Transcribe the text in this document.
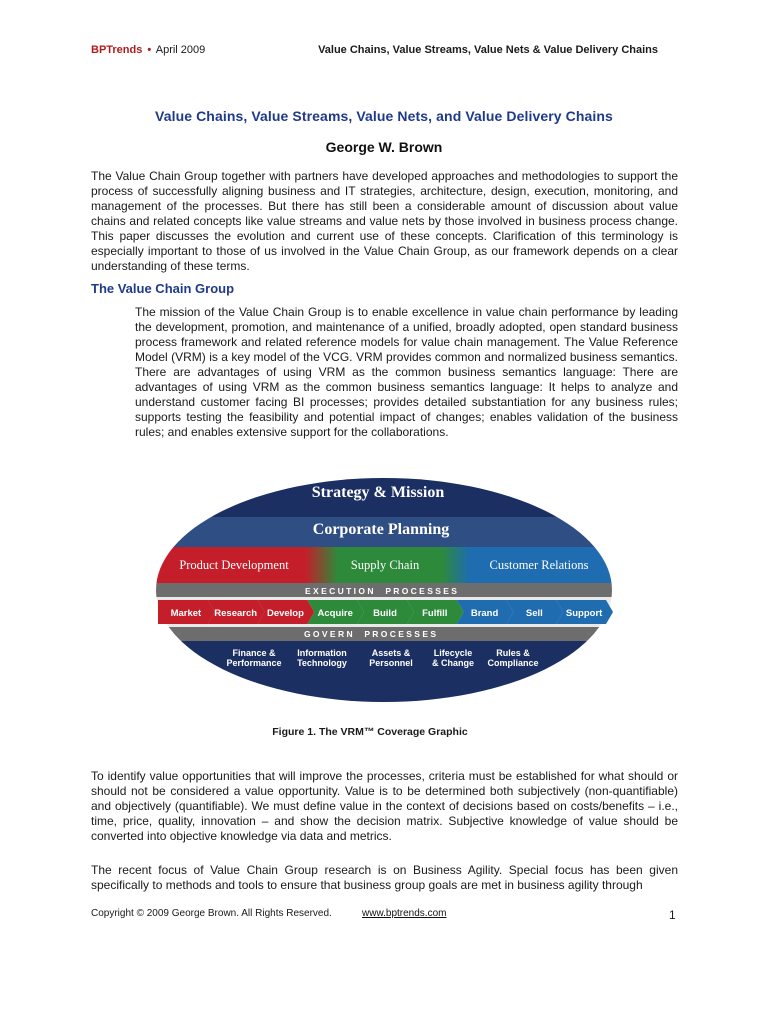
BPTrends • April 2009	Value Chains, Value Streams, Value Nets & Value Delivery Chains
Value Chains, Value Streams, Value Nets, and Value Delivery Chains
George W. Brown
The Value Chain Group together with partners have developed approaches and methodologies to support the process of successfully aligning business and IT strategies, architecture, design, execution, monitoring, and management of the processes. But there has still been a considerable amount of discussion about value chains and related concepts like value streams and value nets by those involved in business process change. This paper discusses the evolution and current use of these concepts. Clarification of this terminology is especially important to those of us involved in the Value Chain Group, as our framework depends on a clear understanding of these terms.
The Value Chain Group
The mission of the Value Chain Group is to enable excellence in value chain performance by leading the development, promotion, and maintenance of a unified, broadly adopted, open standard business process framework and related reference models for value chain management. The Value Reference Model (VRM) is a key model of the VCG. VRM provides common and normalized business semantics. There are advantages of using VRM as the common business semantics language: There are advantages of using VRM as the common business semantics language: It helps to analyze and understand customer facing BI processes; provides detailed substantiation for any business rules; supports testing the feasibility and potential impact of changes; enables validation of the business rules; and enables extensive support for the collaborations.
Strategy & Mission
Corporate Planning
Product Development	Supply Chain	Customer Relations
E X E C U T I O N     P R O C E S S E S
Market Research Develop Acquire Build	Fulfill Brand	Sell Support
G O V E R N     P R O C E S S E S
Finance &
Performance
Information
Technology
Assets &
Personnel
Lifecycle
& Change
Rules &
Compliance
Figure 1. The VRM™ Coverage Graphic
To identify value opportunities that will improve the processes, criteria must be established for what should or should not be considered a value opportunity. Value is to be determined both subjectively (non-quantifiable) and objectively (quantifiable). We must define value in the context of decisions based on costs/benefits – i.e., time, price, quality, innovation – and show the decision matrix. Subjective knowledge of value should be converted into objective knowledge via data and metrics.
The recent focus of Value Chain Group research is on Business Agility. Special focus has been given specifically to methods and tools to ensure that business group goals are met in business agility through
Copyright © 2009 George Brown. All Rights Reserved.	www.bptrends.com	1
